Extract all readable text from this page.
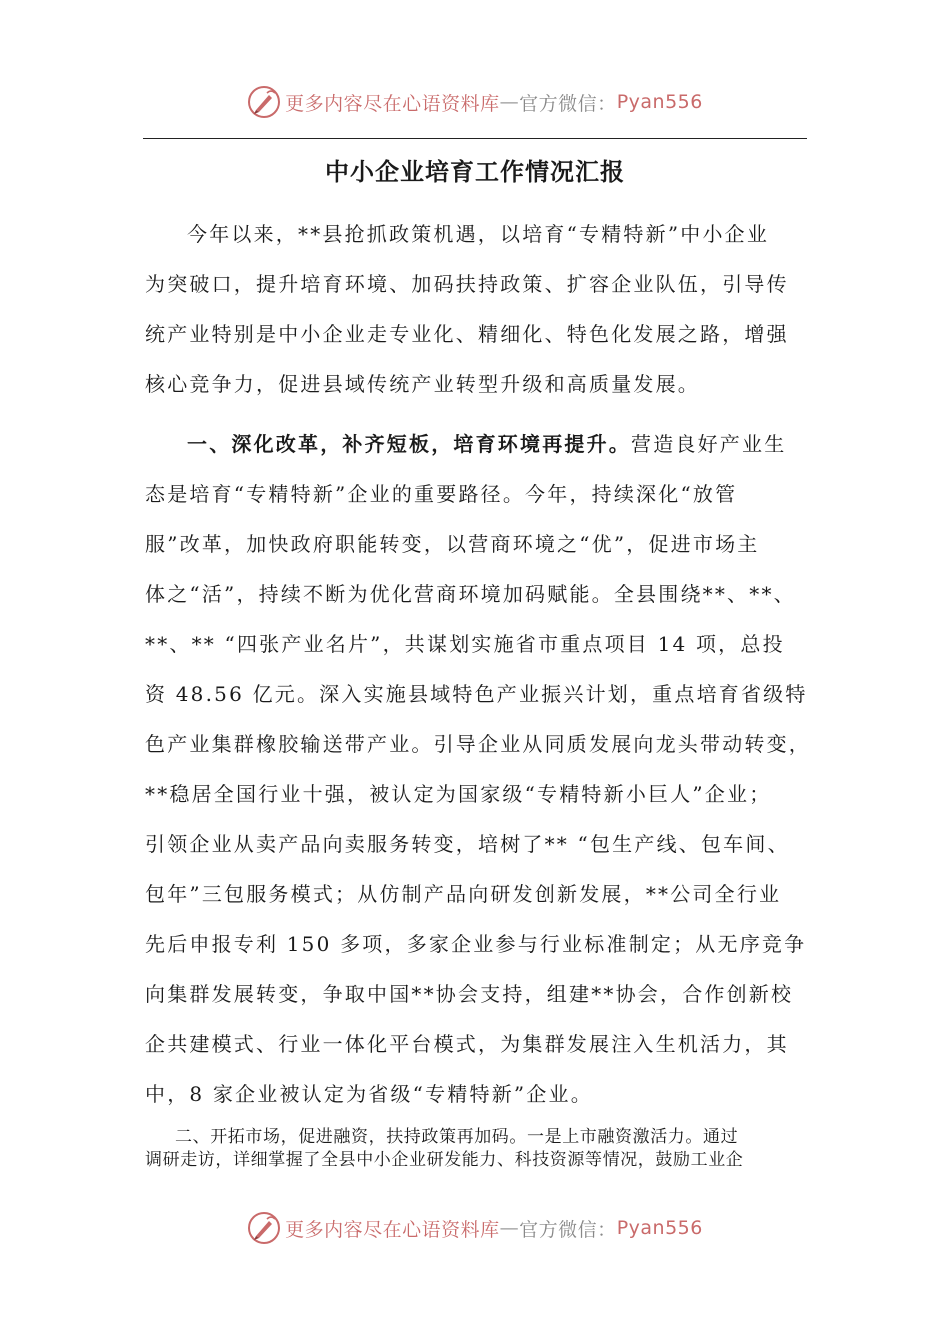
更多内容尽在心语资料库 — 官方微信： Pyan556
中小企业培育工作情况汇报
今年以来，**县抢抓政策机遇，以培育“专精特新”中小企业
为突破口，提升培育环境、加码扶持政策、扩容企业队伍，引导传
统产业特别是中小企业走专业化、精细化、特色化发展之路，增强
核心竞争力，促进县域传统产业转型升级和高质量发展。
一、深化改革，补齐短板，培育环境再提升。营造良好产业生
态是培育“专精特新”企业的重要路径。今年，持续深化“放管
服”改革，加快政府职能转变，以营商环境之“优”，促进市场主
体之“活”，持续不断为优化营商环境加码赋能。全县围绕**、**、
**、** “四张产业名片”，共谋划实施省市重点项目 14 项，总投
资 48.56 亿元。深入实施县域特色产业振兴计划，重点培育省级特
色产业集群橡胶输送带产业。引导企业从同质发展向龙头带动转变，
**稳居全国行业十强，被认定为国家级“专精特新小巨人”企业；
引领企业从卖产品向卖服务转变，培树了** “包生产线、包车间、
包年”三包服务模式；从仿制产品向研发创新发展，**公司全行业
先后申报专利 150 多项，多家企业参与行业标准制定；从无序竞争
向集群发展转变，争取中国**协会支持，组建**协会，合作创新校
企共建模式、行业一体化平台模式，为集群发展注入生机活力，其
中，8 家企业被认定为省级“专精特新”企业。
二、开拓市场，促进融资，扶持政策再加码。一是上市融资激活力。通过
调研走访，详细掌握了全县中小企业研发能力、科技资源等情况，鼓励工业企
更多内容尽在心语资料库 — 官方微信： Pyan556
